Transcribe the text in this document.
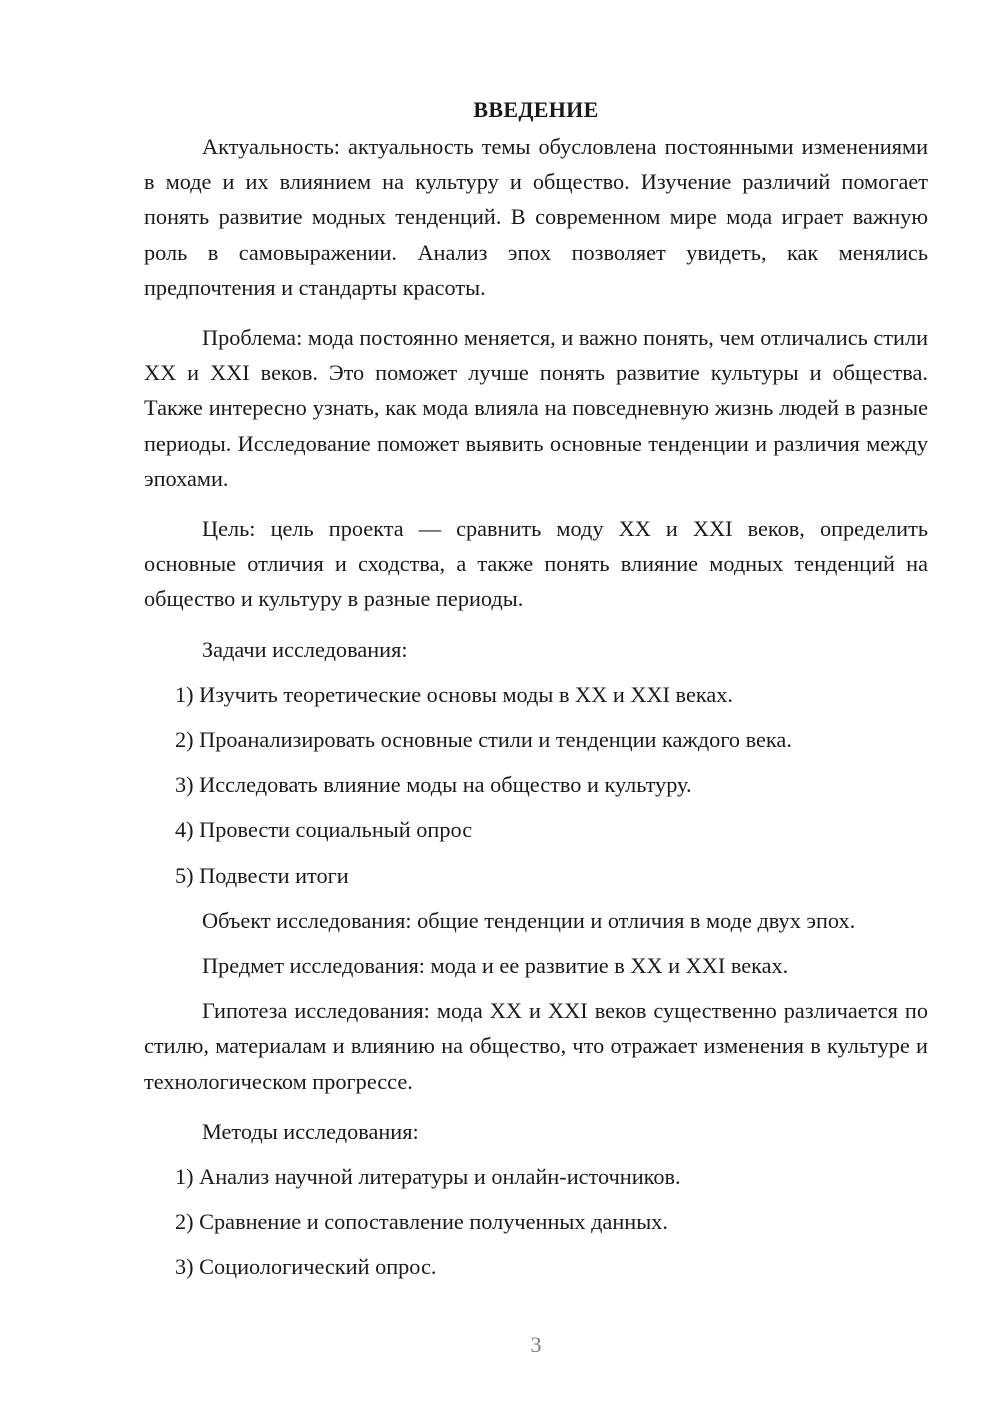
ВВЕДЕНИЕ

Актуальность: актуальность темы обусловлена постоянными изменениями в моде и их влиянием на культуру и общество. Изучение различий помогает понять развитие модных тенденций. В современном мире мода играет важную роль в самовыражении. Анализ эпох позволяет увидеть, как менялись предпочтения и стандарты красоты.

Проблема: мода постоянно меняется, и важно понять, чем отличались стили XX и XXI веков. Это поможет лучше понять развитие культуры и общества. Также интересно узнать, как мода влияла на повседневную жизнь людей в разные периоды. Исследование поможет выявить основные тенденции и различия между эпохами.

Цель: цель проекта — сравнить моду XX и XXI веков, определить основные отличия и сходства, а также понять влияние модных тенденций на общество и культуру в разные периоды.

Задачи исследования:
1) Изучить теоретические основы моды в XX и XXI веках.
2) Проанализировать основные стили и тенденции каждого века.
3) Исследовать влияние моды на общество и культуру.
4) Провести социальный опрос
5) Подвести итоги
Объект исследования: общие тенденции и отличия в моде двух эпох.
Предмет исследования: мода и ее развитие в XX и XXI веках.

Гипотеза исследования: мода XX и XXI веков существенно различается по стилю, материалам и влиянию на общество, что отражает изменения в культуре и технологическом прогрессе.

Методы исследования:
1) Анализ научной литературы и онлайн-источников.
2) Сравнение и сопоставление полученных данных.
3) Социологический опрос.
3
